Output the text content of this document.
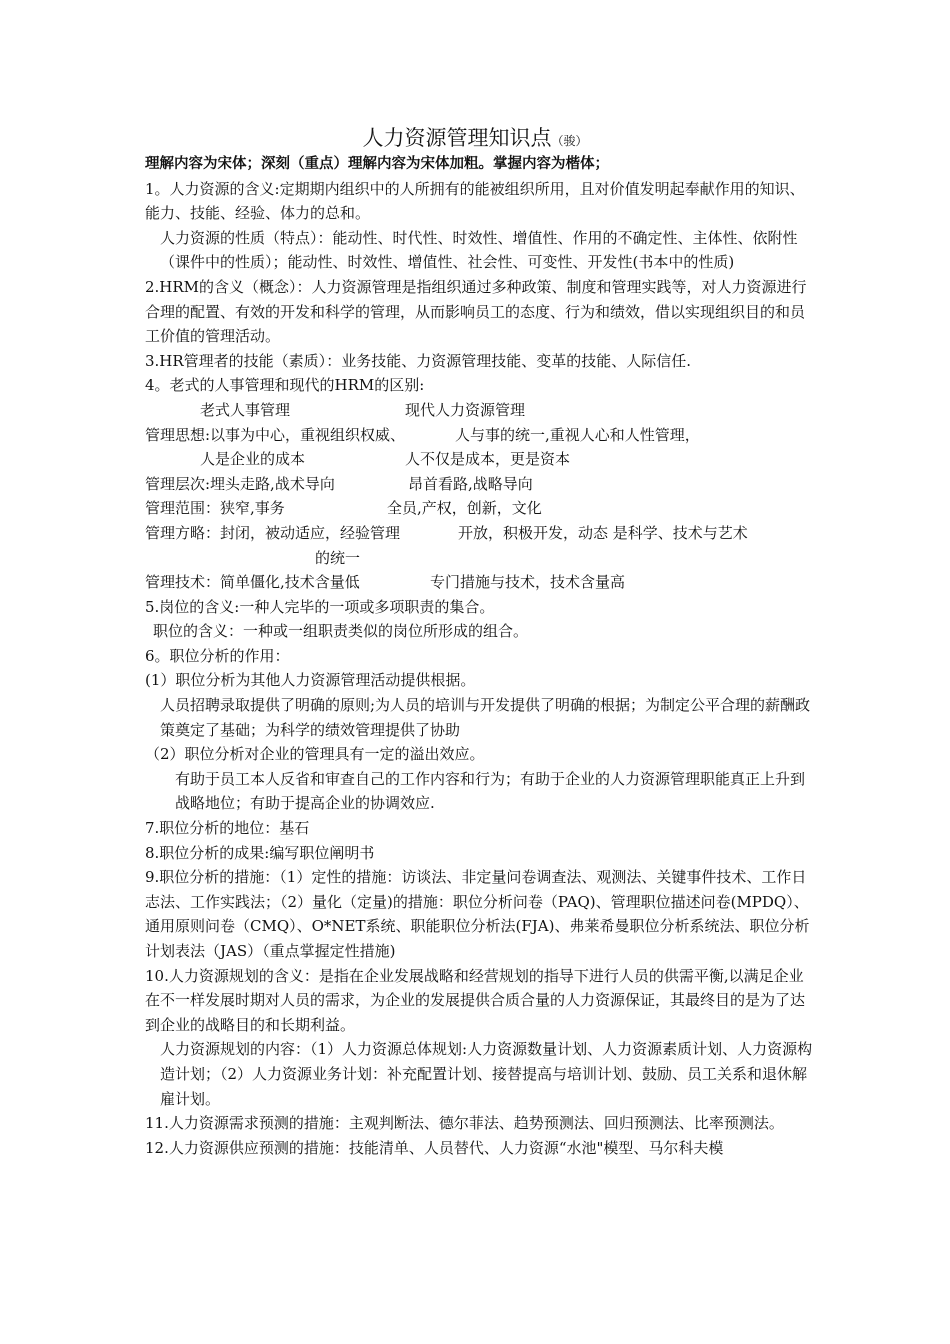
人力资源管理知识点（骏）

理解内容为宋体；深刻（重点）理解内容为宋体加粗。掌握内容为楷体；

1。人力资源的含义:定期期内组织中的人所拥有的能被组织所用，且对价值发明起奉献作用的知识、能力、技能、经验、体力的总和。

人力资源的性质（特点）：能动性、时代性、时效性、增值性、作用的不确定性、主体性、依附性（课件中的性质）；能动性、时效性、增值性、社会性、可变性、开发性(书本中的性质)

2.HRM的含义（概念）：人力资源管理是指组织通过多种政策、制度和管理实践等，对人力资源进行合理的配置、有效的开发和科学的管理，从而影响员工的态度、行为和绩效，借以实现组织目的和员工价值的管理活动。

3.HR管理者的技能（素质）：业务技能、力资源管理技能、变革的技能、人际信任.

4。老式的人事管理和现代的HRM的区别:

老式人事管理	现代人力资源管理
管理思想:以事为中心，重视组织权威、	人与事的统一,重视人心和人性管理，
人是企业的成本	人不仅是成本，更是资本
管理层次:埋头走路,战术导向	昂首看路,战略导向
管理范围：狭窄,事务	全员,产权，创新，文化
管理方略：封闭，被动适应，经验管理	开放，积极开发，动态 是科学、技术与艺术

的统一

管理技术：简单僵化,技术含量低	专门措施与技术，技术含量高

5.岗位的含义:一种人完毕的一项或多项职责的集合。

职位的含义：一种或一组职责类似的岗位所形成的组合。

6。职位分析的作用：

(1）职位分析为其他人力资源管理活动提供根据。

人员招聘录取提供了明确的原则;为人员的培训与开发提供了明确的根据；为制定公平合理的薪酬政策奠定了基础；为科学的绩效管理提供了协助

（2）职位分析对企业的管理具有一定的溢出效应。

有助于员工本人反省和审查自己的工作内容和行为；有助于企业的人力资源管理职能真正上升到战略地位；有助于提高企业的协调效应.

7.职位分析的地位：基石

8.职位分析的成果:编写职位阐明书

9.职位分析的措施：（1）定性的措施：访谈法、非定量问卷调查法、观测法、关键事件技术、工作日志法、工作实践法；（2）量化（定量)的措施：职位分析问卷（PAQ)、管理职位描述问卷(MPDQ）、通用原则问卷（CMQ）、O*NET系统、职能职位分析法(FJA)、弗莱希曼职位分析系统法、职位分析计划表法（JAS）（重点掌握定性措施)

10.人力资源规划的含义：是指在企业发展战略和经营规划的指导下进行人员的供需平衡,以满足企业在不一样发展时期对人员的需求，为企业的发展提供合质合量的人力资源保证，其最终目的是为了达到企业的战略目的和长期利益。

人力资源规划的内容：（1）人力资源总体规划:人力资源数量计划、人力资源素质计划、人力资源构造计划；（2）人力资源业务计划：补充配置计划、接替提高与培训计划、鼓励、员工关系和退休解雇计划。

11.人力资源需求预测的措施：主观判断法、德尔菲法、趋势预测法、回归预测法、比率预测法。

12.人力资源供应预测的措施：技能清单、人员替代、人力资源“水池"模型、马尔科夫模
